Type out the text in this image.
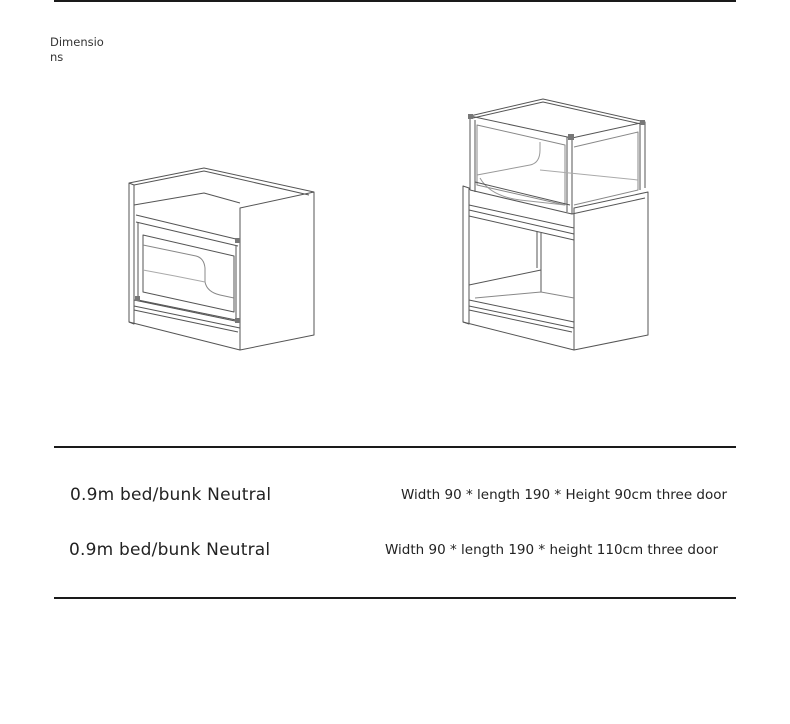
Dimensions
0.9m bed/bunk Neutral	Width 90 * length 190 * Height 90cm three door
0.9m bed/bunk Neutral	Width 90 * length 190 * height 110cm three door
